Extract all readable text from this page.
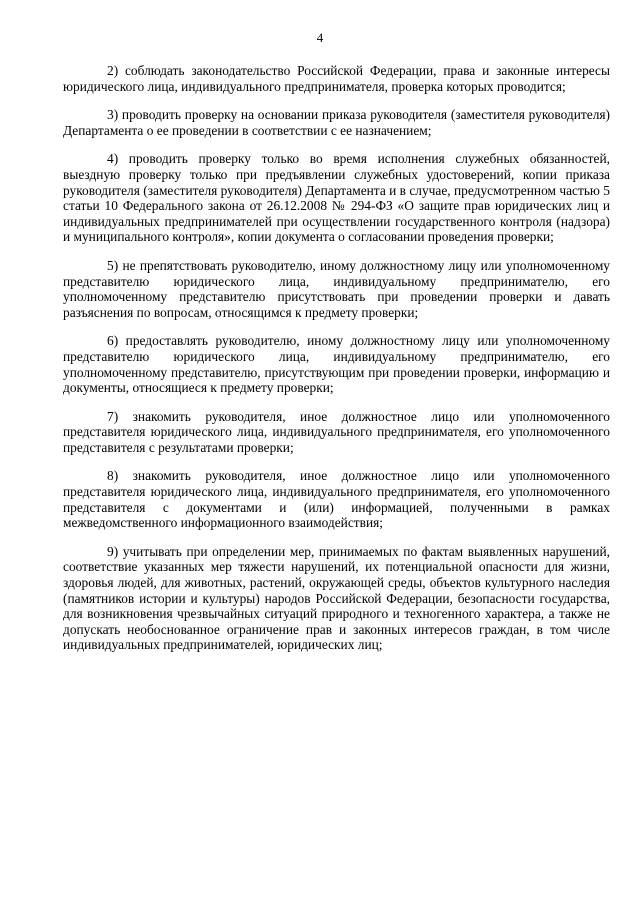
4

2) соблюдать законодательство Российской Федерации, права и законные интересы юридического лица, индивидуального предпринимателя, проверка которых проводится;

3) проводить проверку на основании приказа руководителя (заместителя руководителя) Департамента о ее проведении в соответствии с ее назначением;

4) проводить проверку только во время исполнения служебных обязанностей, выездную проверку только при предъявлении служебных удостоверений, копии приказа руководителя (заместителя руководителя) Департамента и в случае, предусмотренном частью 5 статьи 10 Федерального закона от 26.12.2008 № 294-ФЗ «О защите прав юридических лиц и индивидуальных предпринимателей при осуществлении государственного контроля (надзора) и муниципального контроля», копии документа о согласовании проведения проверки;

5) не препятствовать руководителю, иному должностному лицу или уполномоченному представителю юридического лица, индивидуальному предпринимателю, его уполномоченному представителю присутствовать при проведении проверки и давать разъяснения по вопросам, относящимся к предмету проверки;

6) предоставлять руководителю, иному должностному лицу или уполномоченному представителю юридического лица, индивидуальному предпринимателю, его уполномоченному представителю, присутствующим при проведении проверки, информацию и документы, относящиеся к предмету проверки;

7) знакомить руководителя, иное должностное лицо или уполномоченного представителя юридического лица, индивидуального предпринимателя, его уполномоченного представителя с результатами проверки;

8) знакомить руководителя, иное должностное лицо или уполномоченного представителя юридического лица, индивидуального предпринимателя, его уполномоченного представителя с документами и (или) информацией, полученными в рамках межведомственного информационного взаимодействия;

9) учитывать при определении мер, принимаемых по фактам выявленных нарушений, соответствие указанных мер тяжести нарушений, их потенциальной опасности для жизни, здоровья людей, для животных, растений, окружающей среды, объектов культурного наследия (памятников истории и культуры) народов Российской Федерации, безопасности государства, для возникновения чрезвычайных ситуаций природного и техногенного характера, а также не допускать необоснованное ограничение прав и законных интересов граждан, в том числе индивидуальных предпринимателей, юридических лиц;
